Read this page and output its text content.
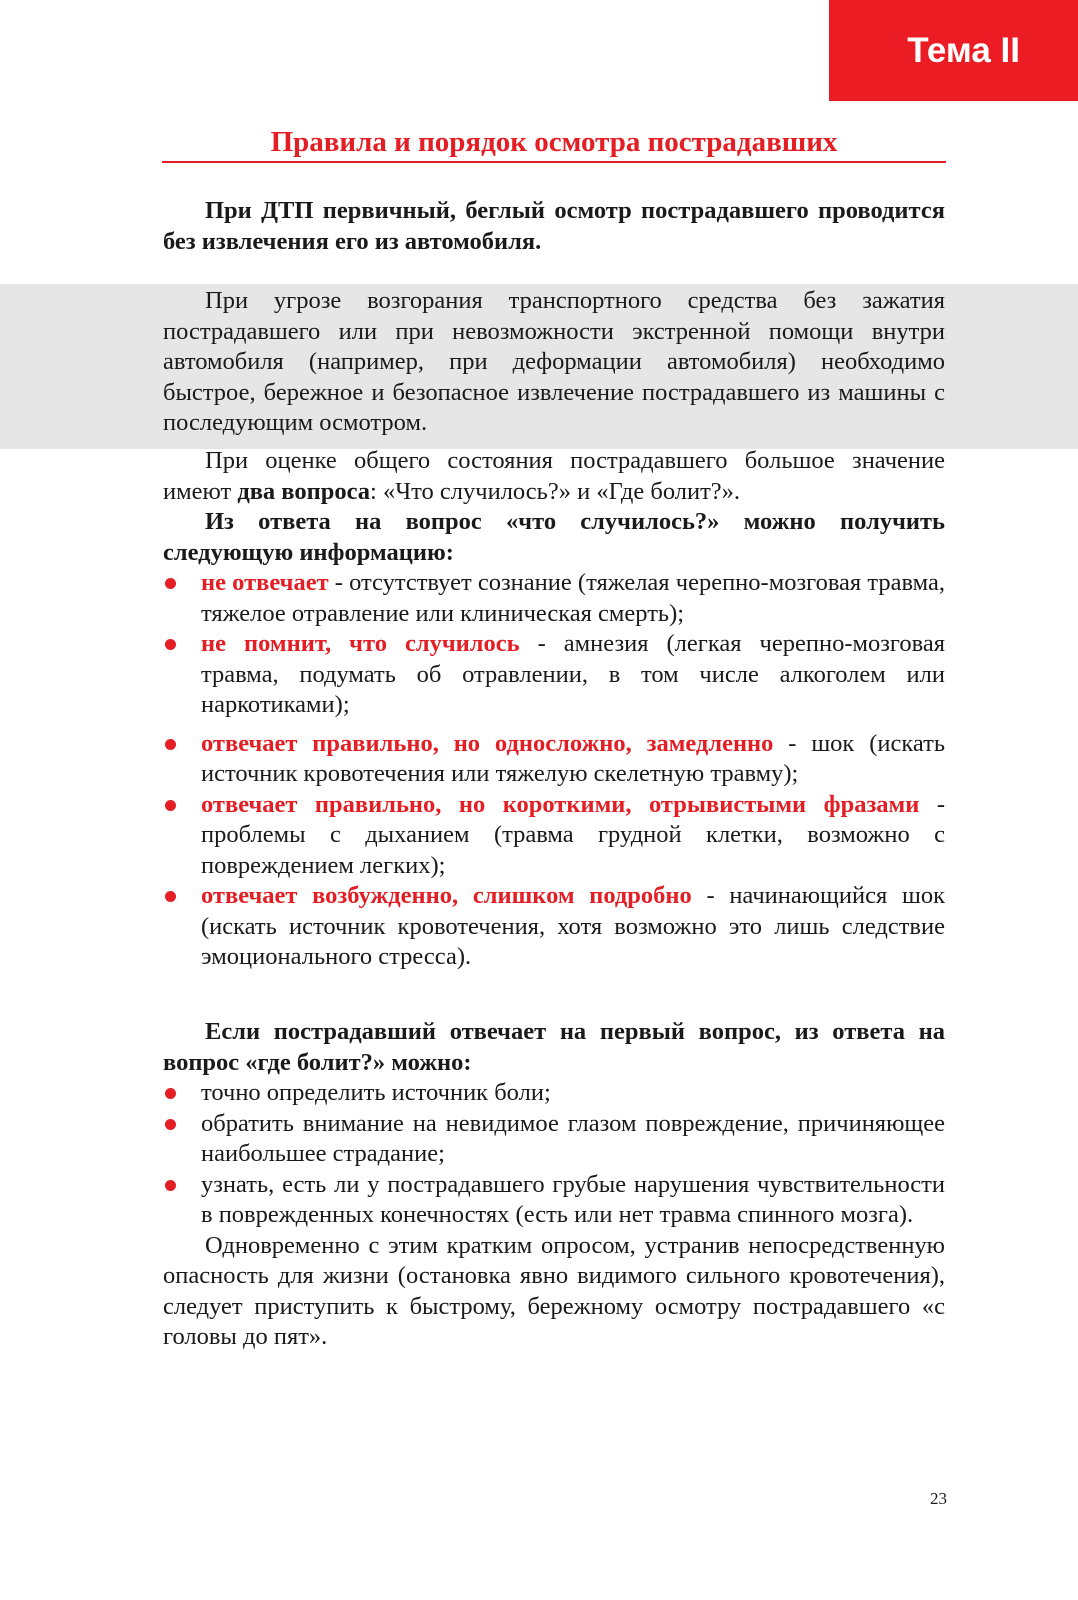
Тема II
Правила и порядок осмотра пострадавших

При ДТП первичный, беглый осмотр пострадавшего проводится без извлечения его из автомобиля.

При угрозе возгорания транспортного средства без зажатия пострадавшего или при невозможности экстренной помощи внутри автомобиля (например, при деформации автомобиля) необходимо быстрое, бережное и безопасное извлечение пострадавшего из машины с последующим осмотром.

При оценке общего состояния пострадавшего большое значение имеют два вопроса: «Что случилось?» и «Где болит?».

Из ответа на вопрос «что случилось?» можно получить следующую информацию:

не отвечает - отсутствует сознание (тяжелая черепно-мозговая травма, тяжелое отравление или клиническая смерть);
не помнит, что случилось - амнезия (легкая черепно-мозговая травма, подумать об отравлении, в том числе алкоголем или наркотиками);
отвечает правильно, но односложно, замедленно - шок (искать источник кровотечения или тяжелую скелетную травму);
отвечает правильно, но короткими, отрывистыми фразами - проблемы с дыханием (травма грудной клетки, возможно с повреждением легких);
отвечает возбужденно, слишком подробно - начинающийся шок (искать источник кровотечения, хотя возможно это лишь следствие эмоционального стресса).

Если пострадавший отвечает на первый вопрос, из ответа на вопрос «где болит?» можно:

точно определить источник боли;
обратить внимание на невидимое глазом повреждение, причиняющее наибольшее страдание;
узнать, есть ли у пострадавшего грубые нарушения чувствительности в поврежденных конечностях (есть или нет травма спинного мозга).

Одновременно с этим кратким опросом, устранив непосредственную опасность для жизни (остановка явно видимого сильного кровотечения), следует приступить к быстрому, бережному осмотру пострадавшего «с головы до пят».

23
